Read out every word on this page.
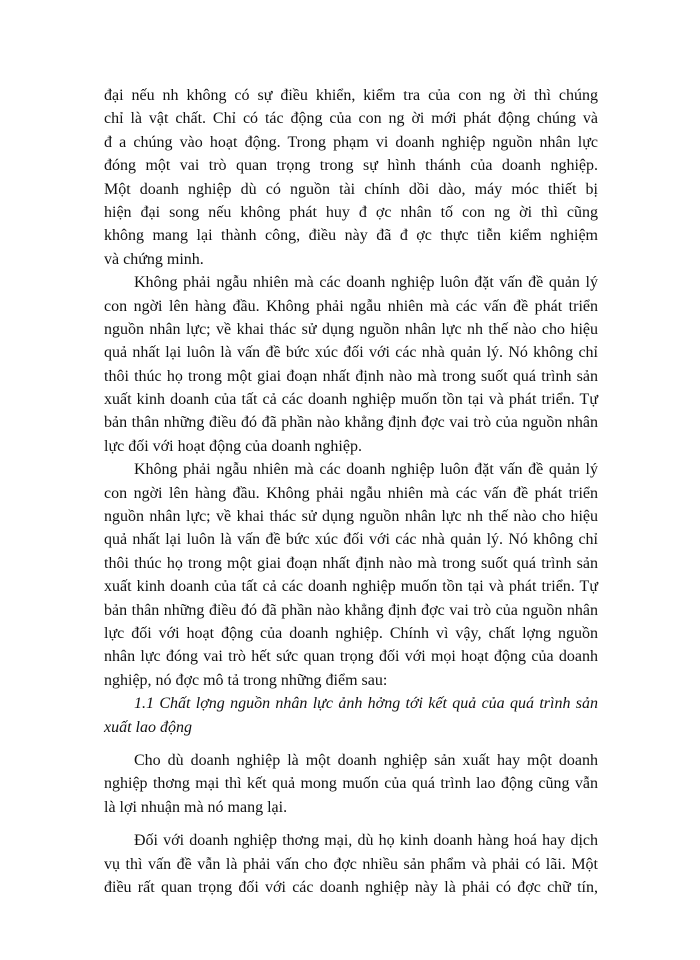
đại nếu nh không có sự điều khiển, kiểm tra của con ng ời thì chúng
chỉ là vật chất. Chỉ có tác động của con ng ời mới phát động chúng và
đ a chúng vào hoạt động. Trong phạm vi doanh nghiệp nguồn nhân lực
đóng một vai trò quan trọng trong sự hình thánh của doanh nghiệp.
Một doanh nghiệp dù có nguồn tài chính dồi dào, máy móc thiết bị
hiện đại song nếu không phát huy đ ợc nhân tố con ng ời thì cũng
không mang lại thành công, điều này đã đ ợc thực tiễn kiểm nghiệm
và chứng minh.
Không phải ngẫu nhiên mà các doanh nghiệp luôn đặt vấn đề quản lý
con ngời lên hàng đầu. Không phải ngẫu nhiên mà các vấn đề phát triển
nguồn nhân lực; về khai thác sử dụng nguồn nhân lực nh thế nào cho hiệu
quả nhất lại luôn là vấn đề bức xúc đối với các nhà quản lý. Nó không chỉ
thôi thúc họ trong một giai đoạn nhất định nào mà trong suốt quá trình sản
xuất kinh doanh của tất cả các doanh nghiệp muốn tồn tại và phát triển. Tự
bản thân những điều đó đã phần nào khẳng định đợc vai trò của nguồn nhân
lực đối với hoạt động của doanh nghiệp.
Không phải ngẫu nhiên mà các doanh nghiệp luôn đặt vấn đề quản lý
con ngời lên hàng đầu. Không phải ngẫu nhiên mà các vấn đề phát triển
nguồn nhân lực; về khai thác sử dụng nguồn nhân lực nh thế nào cho hiệu
quả nhất lại luôn là vấn đề bức xúc đối với các nhà quản lý. Nó không chỉ
thôi thúc họ trong một giai đoạn nhất định nào mà trong suốt quá trình sản
xuất kinh doanh của tất cả các doanh nghiệp muốn tồn tại và phát triển. Tự
bản thân những điều đó đã phần nào khẳng định đợc vai trò của nguồn nhân
lực đối với hoạt động của doanh nghiệp. Chính vì vậy, chất lợng nguồn
nhân lực đóng vai trò hết sức quan trọng đối với mọi hoạt động của doanh
nghiệp, nó đợc mô tả trong những điểm sau:
1.1 Chất lợng nguồn nhân lực ảnh hởng tới kết quả của quá trình sản
xuất lao động
Cho dù doanh nghiệp là một doanh nghiệp sản xuất hay một doanh
nghiệp thơng mại thì kết quả mong muốn của quá trình lao động cũng vẫn
là lợi nhuận mà nó mang lại.
Đối với doanh nghiệp thơng mại, dù họ kinh doanh hàng hoá hay dịch
vụ thì vấn đề vẫn là phải vấn cho đợc nhiều sản phẩm và phải có lãi. Một
điều rất quan trọng đối với các doanh nghiệp này là phải có đợc chữ tín,
